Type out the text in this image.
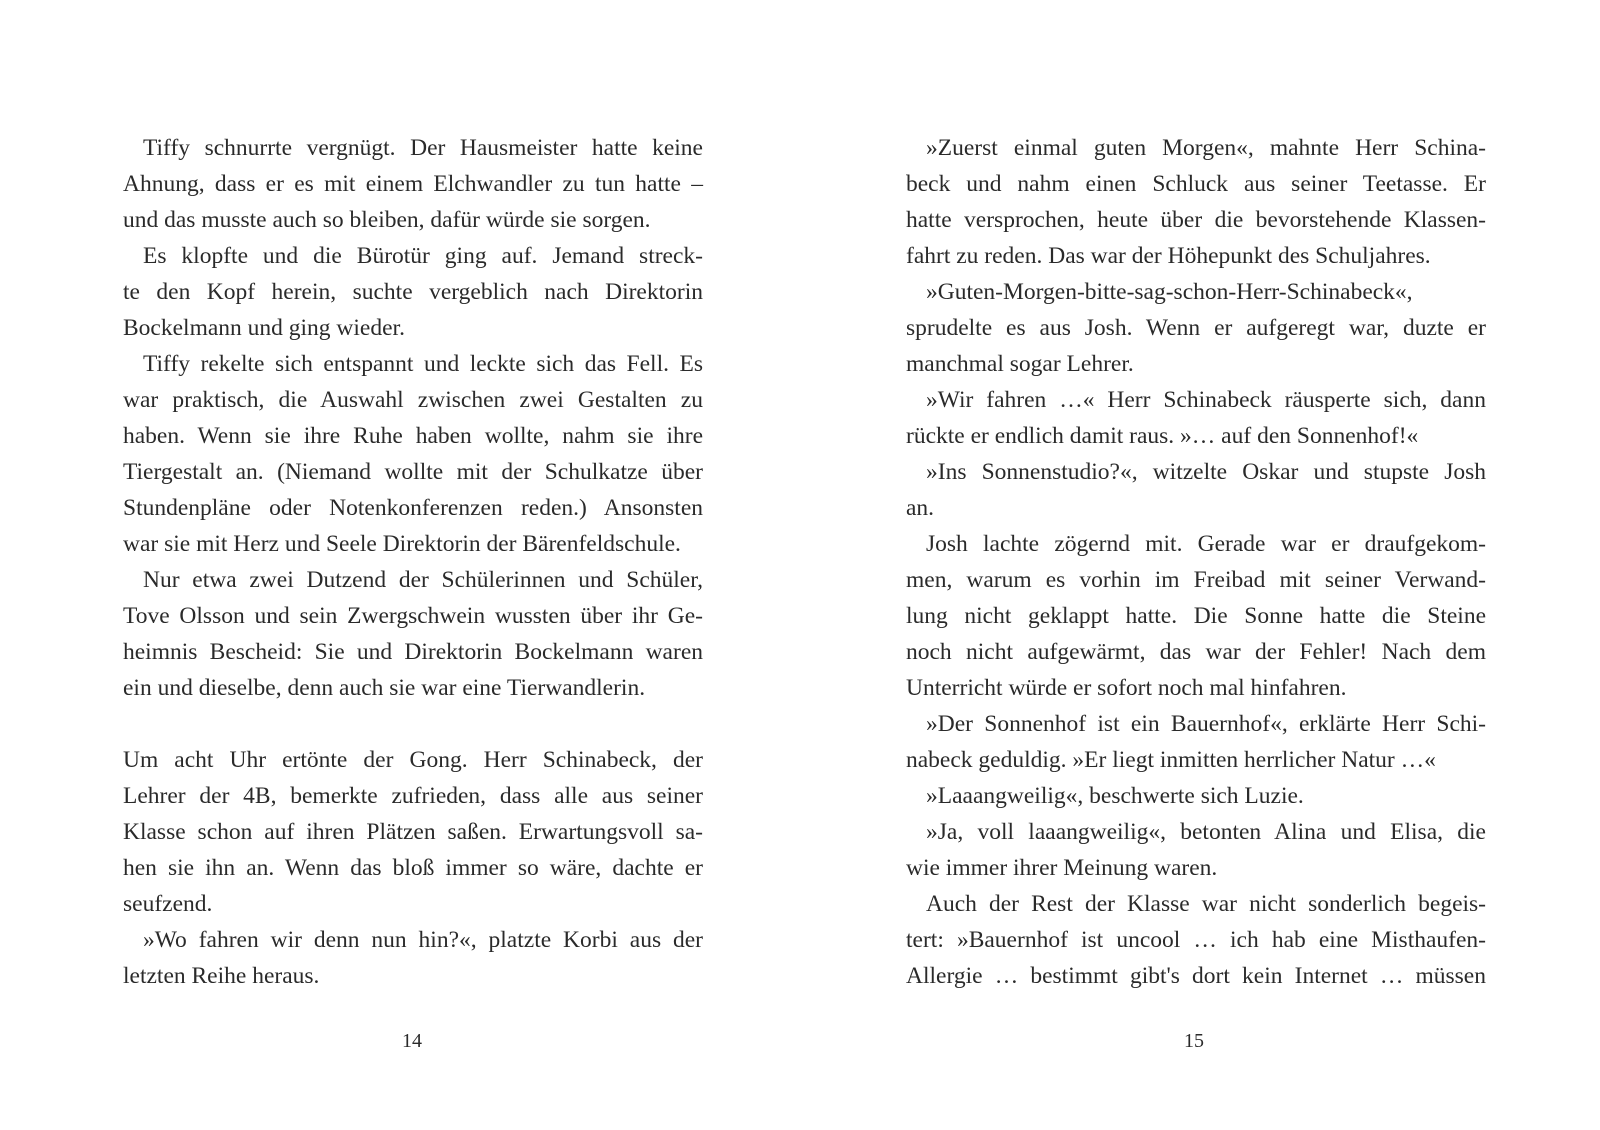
Tiffy schnurrte vergnügt. Der Hausmeister hatte keine
Ahnung, dass er es mit einem Elchwandler zu tun hatte –
und das musste auch so bleiben, dafür würde sie sorgen.
Es klopfte und die Bürotür ging auf. Jemand streck-
te den Kopf herein, suchte vergeblich nach Direktorin
Bockelmann und ging wieder.
Tiffy rekelte sich entspannt und leckte sich das Fell. Es
war praktisch, die Auswahl zwischen zwei Gestalten zu
haben. Wenn sie ihre Ruhe haben wollte, nahm sie ihre
Tiergestalt an. (Niemand wollte mit der Schulkatze über
Stundenpläne oder Notenkonferenzen reden.) Ansonsten
war sie mit Herz und Seele Direktorin der Bärenfeldschule.
Nur etwa zwei Dutzend der Schülerinnen und Schüler,
Tove Olsson und sein Zwergschwein wussten über ihr Ge-
heimnis Bescheid: Sie und Direktorin Bockelmann waren
ein und dieselbe, denn auch sie war eine Tierwandlerin.
Um acht Uhr ertönte der Gong. Herr Schinabeck, der
Lehrer der 4B, bemerkte zufrieden, dass alle aus seiner
Klasse schon auf ihren Plätzen saßen. Erwartungsvoll sa-
hen sie ihn an. Wenn das bloß immer so wäre, dachte er
seufzend.
»Wo fahren wir denn nun hin?«, platzte Korbi aus der
letzten Reihe heraus.
14
»Zuerst einmal guten Morgen«, mahnte Herr Schina-
beck und nahm einen Schluck aus seiner Teetasse. Er
hatte versprochen, heute über die bevorstehende Klassen-
fahrt zu reden. Das war der Höhepunkt des Schuljahres.
»Guten-Morgen-bitte-sag-schon-Herr-Schinabeck«,
sprudelte es aus Josh. Wenn er aufgeregt war, duzte er
manchmal sogar Lehrer.
»Wir fahren …« Herr Schinabeck räusperte sich, dann
rückte er endlich damit raus. »… auf den Sonnenhof!«
»Ins Sonnenstudio?«, witzelte Oskar und stupste Josh
an.
Josh lachte zögernd mit. Gerade war er draufgekom-
men, warum es vorhin im Freibad mit seiner Verwand-
lung nicht geklappt hatte. Die Sonne hatte die Steine
noch nicht aufgewärmt, das war der Fehler! Nach dem
Unterricht würde er sofort noch mal hinfahren.
»Der Sonnenhof ist ein Bauernhof«, erklärte Herr Schi-
nabeck geduldig. »Er liegt inmitten herrlicher Natur …«
»Laaangweilig«, beschwerte sich Luzie.
»Ja, voll laaangweilig«, betonten Alina und Elisa, die
wie immer ihrer Meinung waren.
Auch der Rest der Klasse war nicht sonderlich begeis-
tert: »Bauernhof ist uncool … ich hab eine Misthaufen-
Allergie … bestimmt gibt's dort kein Internet … müssen
15
